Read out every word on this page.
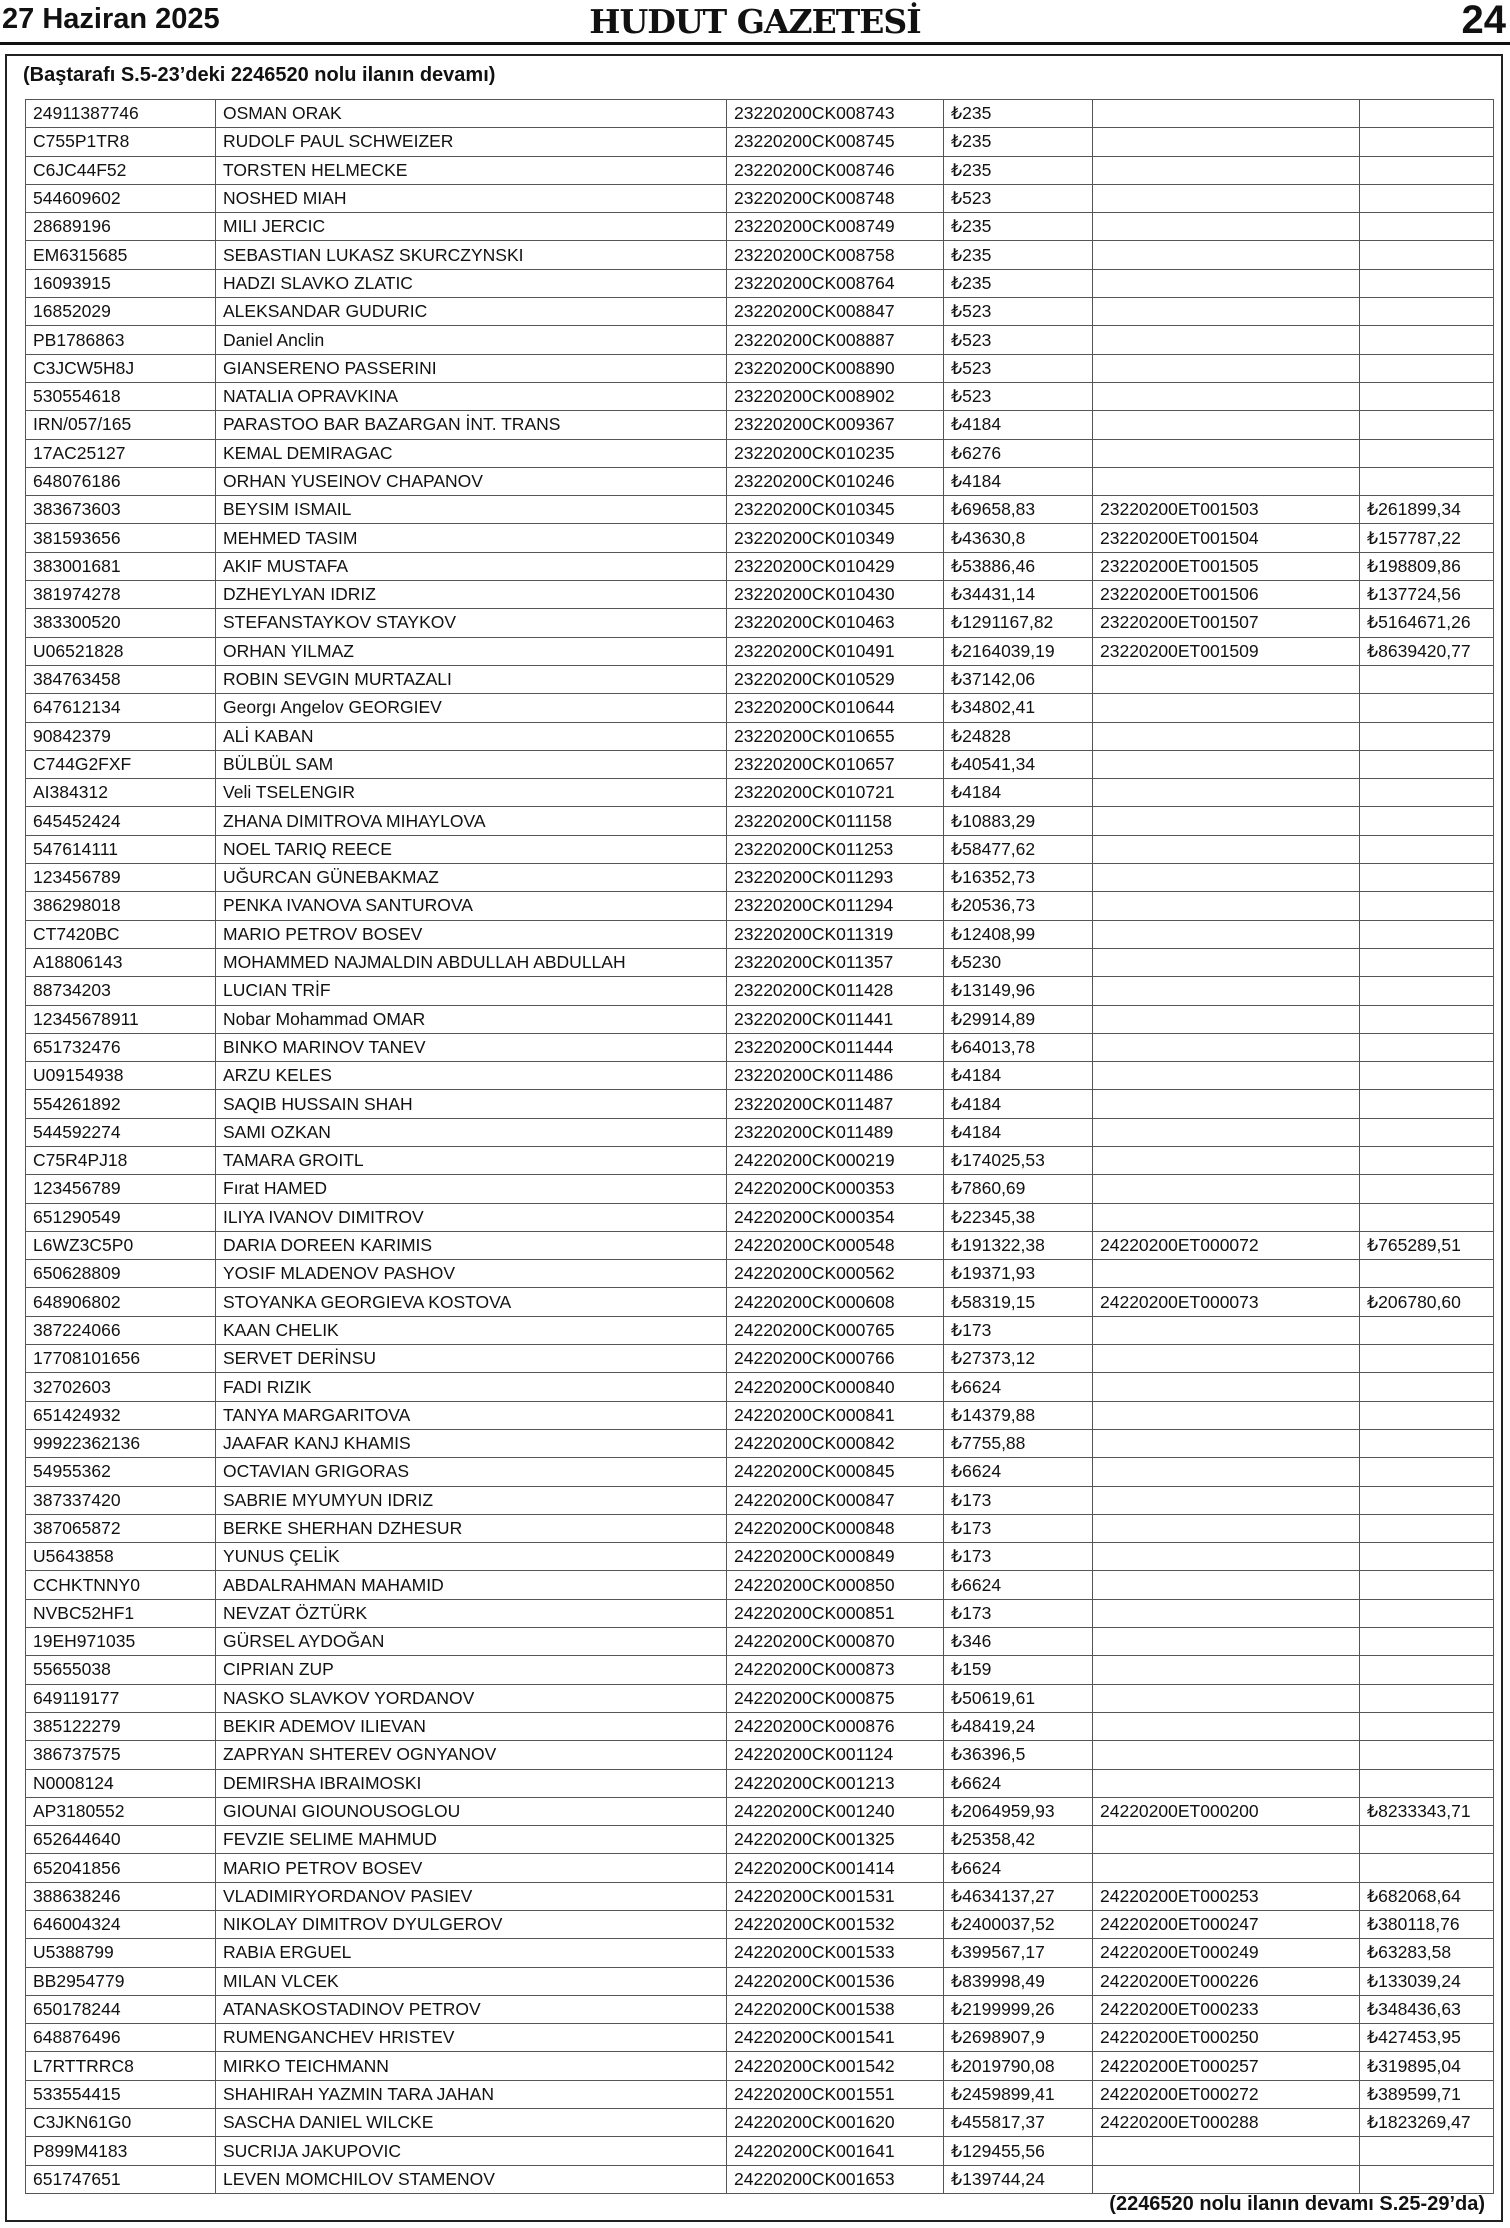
27 Haziran 2025	HUDUT GAZETESİ	24
(Baştarafı S.5-23’deki 2246520 nolu ilanın devamı)
24911387746	OSMAN ORAK	23220200CK008743	₺235		
C755P1TR8	RUDOLF PAUL SCHWEIZER	23220200CK008745	₺235		
C6JC44F52	TORSTEN HELMECKE	23220200CK008746	₺235		
544609602	NOSHED MIAH	23220200CK008748	₺523		
28689196	MILI JERCIC	23220200CK008749	₺235		
EM6315685	SEBASTIAN LUKASZ SKURCZYNSKI	23220200CK008758	₺235		
16093915	HADZI SLAVKO ZLATIC	23220200CK008764	₺235		
16852029	ALEKSANDAR GUDURIC	23220200CK008847	₺523		
PB1786863	Daniel Anclin	23220200CK008887	₺523		
C3JCW5H8J	GIANSERENO PASSERINI	23220200CK008890	₺523		
530554618	NATALIA OPRAVKINA	23220200CK008902	₺523		
IRN/057/165	PARASTOO BAR BAZARGAN İNT. TRANS	23220200CK009367	₺4184		
17AC25127	KEMAL DEMIRAGAC	23220200CK010235	₺6276		
648076186	ORHAN YUSEINOV CHAPANOV	23220200CK010246	₺4184		
383673603	BEYSIM ISMAIL	23220200CK010345	₺69658,83	23220200ET001503	₺261899,34
381593656	MEHMED TASIM	23220200CK010349	₺43630,8	23220200ET001504	₺157787,22
383001681	AKIF MUSTAFA	23220200CK010429	₺53886,46	23220200ET001505	₺198809,86
381974278	DZHEYLYAN IDRIZ	23220200CK010430	₺34431,14	23220200ET001506	₺137724,56
383300520	STEFANSTAYKOV STAYKOV	23220200CK010463	₺1291167,82	23220200ET001507	₺5164671,26
U06521828	ORHAN YILMAZ	23220200CK010491	₺2164039,19	23220200ET001509	₺8639420,77
384763458	ROBIN SEVGIN MURTAZALI	23220200CK010529	₺37142,06		
647612134	Georgı Angelov GEORGIEV	23220200CK010644	₺34802,41		
90842379	ALİ KABAN	23220200CK010655	₺24828		
C744G2FXF	BÜLBÜL SAM	23220200CK010657	₺40541,34		
AI384312	Veli TSELENGIR	23220200CK010721	₺4184		
645452424	ZHANA DIMITROVA MIHAYLOVA	23220200CK011158	₺10883,29		
547614111	NOEL TARIQ REECE	23220200CK011253	₺58477,62		
123456789	UĞURCAN GÜNEBAKMAZ	23220200CK011293	₺16352,73		
386298018	PENKA IVANOVA SANTUROVA	23220200CK011294	₺20536,73		
CT7420BC	MARIO PETROV BOSEV	23220200CK011319	₺12408,99		
A18806143	MOHAMMED NAJMALDIN ABDULLAH ABDULLAH	23220200CK011357	₺5230		
88734203	LUCIAN TRİF	23220200CK011428	₺13149,96		
12345678911	Nobar Mohammad OMAR	23220200CK011441	₺29914,89		
651732476	BINKO MARINOV TANEV	23220200CK011444	₺64013,78		
U09154938	ARZU KELES	23220200CK011486	₺4184		
554261892	SAQIB HUSSAIN SHAH	23220200CK011487	₺4184		
544592274	SAMI OZKAN	23220200CK011489	₺4184		
C75R4PJ18	TAMARA GROITL	24220200CK000219	₺174025,53		
123456789	Fırat HAMED	24220200CK000353	₺7860,69		
651290549	ILIYA IVANOV DIMITROV	24220200CK000354	₺22345,38		
L6WZ3C5P0	DARIA DOREEN KARIMIS	24220200CK000548	₺191322,38	24220200ET000072	₺765289,51
650628809	YOSIF MLADENOV PASHOV	24220200CK000562	₺19371,93		
648906802	STOYANKA GEORGIEVA KOSTOVA	24220200CK000608	₺58319,15	24220200ET000073	₺206780,60
387224066	KAAN CHELIK	24220200CK000765	₺173		
17708101656	SERVET DERİNSU	24220200CK000766	₺27373,12		
32702603	FADI RIZIK	24220200CK000840	₺6624		
651424932	TANYA MARGARITOVA	24220200CK000841	₺14379,88		
99922362136	JAAFAR KANJ KHAMIS	24220200CK000842	₺7755,88		
54955362	OCTAVIAN GRIGORAS	24220200CK000845	₺6624		
387337420	SABRIE MYUMYUN IDRIZ	24220200CK000847	₺173		
387065872	BERKE SHERHAN DZHESUR	24220200CK000848	₺173		
U5643858	YUNUS ÇELİK	24220200CK000849	₺173		
CCHKTNNY0	ABDALRAHMAN MAHAMID	24220200CK000850	₺6624		
NVBC52HF1	NEVZAT ÖZTÜRK	24220200CK000851	₺173		
19EH971035	GÜRSEL AYDOĞAN	24220200CK000870	₺346		
55655038	CIPRIAN ZUP	24220200CK000873	₺159		
649119177	NASKO SLAVKOV YORDANOV	24220200CK000875	₺50619,61		
385122279	BEKIR ADEMOV ILIEVAN	24220200CK000876	₺48419,24		
386737575	ZAPRYAN SHTEREV OGNYANOV	24220200CK001124	₺36396,5		
N0008124	DEMIRSHA IBRAIMOSKI	24220200CK001213	₺6624		
AP3180552	GIOUNAI GIOUNOUSOGLOU	24220200CK001240	₺2064959,93	24220200ET000200	₺8233343,71
652644640	FEVZIE SELIME MAHMUD	24220200CK001325	₺25358,42		
652041856	MARIO PETROV BOSEV	24220200CK001414	₺6624		
388638246	VLADIMIRYORDANOV PASIEV	24220200CK001531	₺4634137,27	24220200ET000253	₺682068,64
646004324	NIKOLAY DIMITROV DYULGEROV	24220200CK001532	₺2400037,52	24220200ET000247	₺380118,76
U5388799	RABIA ERGUEL	24220200CK001533	₺399567,17	24220200ET000249	₺63283,58
BB2954779	MILAN VLCEK	24220200CK001536	₺839998,49	24220200ET000226	₺133039,24
650178244	ATANASKOSTADINOV PETROV	24220200CK001538	₺2199999,26	24220200ET000233	₺348436,63
648876496	RUMENGANCHEV HRISTEV	24220200CK001541	₺2698907,9	24220200ET000250	₺427453,95
L7RTTRRC8	MIRKO TEICHMANN	24220200CK001542	₺2019790,08	24220200ET000257	₺319895,04
533554415	SHAHIRAH YAZMIN TARA JAHAN	24220200CK001551	₺2459899,41	24220200ET000272	₺389599,71
C3JKN61G0	SASCHA DANIEL WILCKE	24220200CK001620	₺455817,37	24220200ET000288	₺1823269,47
P899M4183	SUCRIJA JAKUPOVIC	24220200CK001641	₺129455,56		
651747651	LEVEN MOMCHILOV STAMENOV	24220200CK001653	₺139744,24		
(2246520 nolu ilanın devamı S.25-29’da)
